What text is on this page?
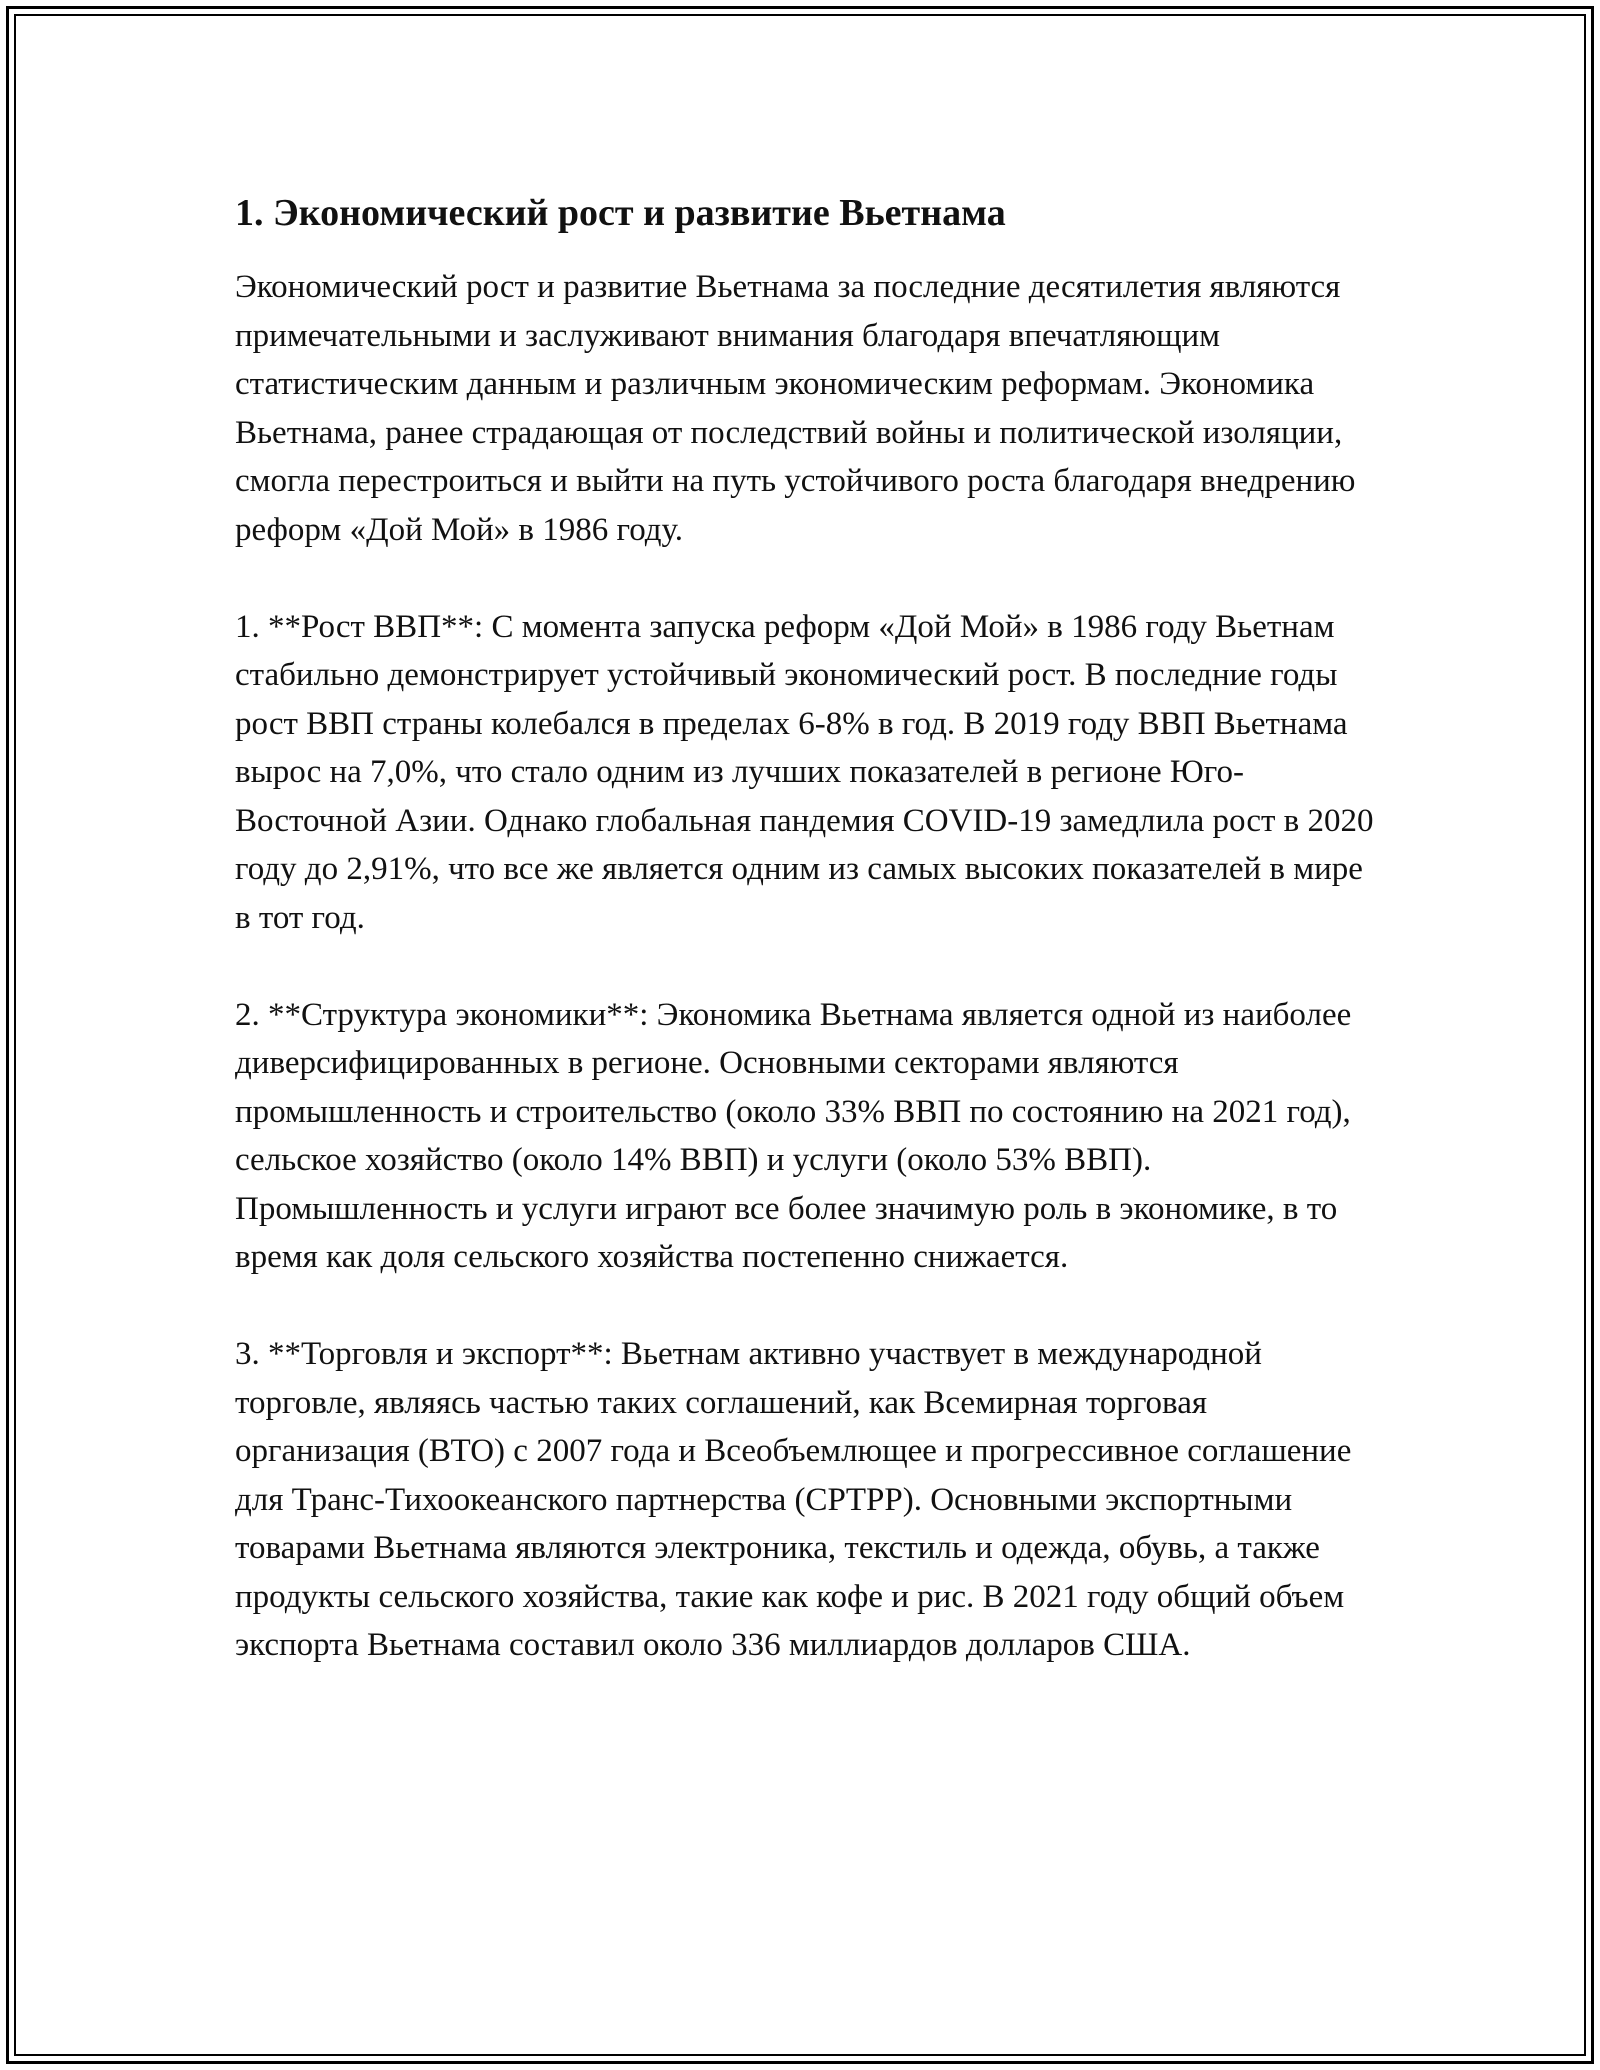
1. Экономический рост и развитие Вьетнама

Экономический рост и развитие Вьетнама за последние десятилетия являются примечательными и заслуживают внимания благодаря впечатляющим статистическим данным и различным экономическим реформам. Экономика Вьетнама, ранее страдающая от последствий войны и политической изоляции, смогла перестроиться и выйти на путь устойчивого роста благодаря внедрению реформ «Дой Мой» в 1986 году.

1. **Рост ВВП**: С момента запуска реформ «Дой Мой» в 1986 году Вьетнам стабильно демонстрирует устойчивый экономический рост. В последние годы рост ВВП страны колебался в пределах 6-8% в год. В 2019 году ВВП Вьетнама вырос на 7,0%, что стало одним из лучших показателей в регионе Юго-Восточной Азии. Однако глобальная пандемия COVID-19 замедлила рост в 2020 году до 2,91%, что все же является одним из самых высоких показателей в мире в тот год.

2. **Структура экономики**: Экономика Вьетнама является одной из наиболее диверсифицированных в регионе. Основными секторами являются промышленность и строительство (около 33% ВВП по состоянию на 2021 год), сельское хозяйство (около 14% ВВП) и услуги (около 53% ВВП). Промышленность и услуги играют все более значимую роль в экономике, в то время как доля сельского хозяйства постепенно снижается.

3. **Торговля и экспорт**: Вьетнам активно участвует в международной торговле, являясь частью таких соглашений, как Всемирная торговая организация (ВТО) с 2007 года и Всеобъемлющее и прогрессивное соглашение для Транс-Тихоокеанского партнерства (CPTPP). Основными экспортными товарами Вьетнама являются электроника, текстиль и одежда, обувь, а также продукты сельского хозяйства, такие как кофе и рис. В 2021 году общий объем экспорта Вьетнама составил около 336 миллиардов долларов США.
